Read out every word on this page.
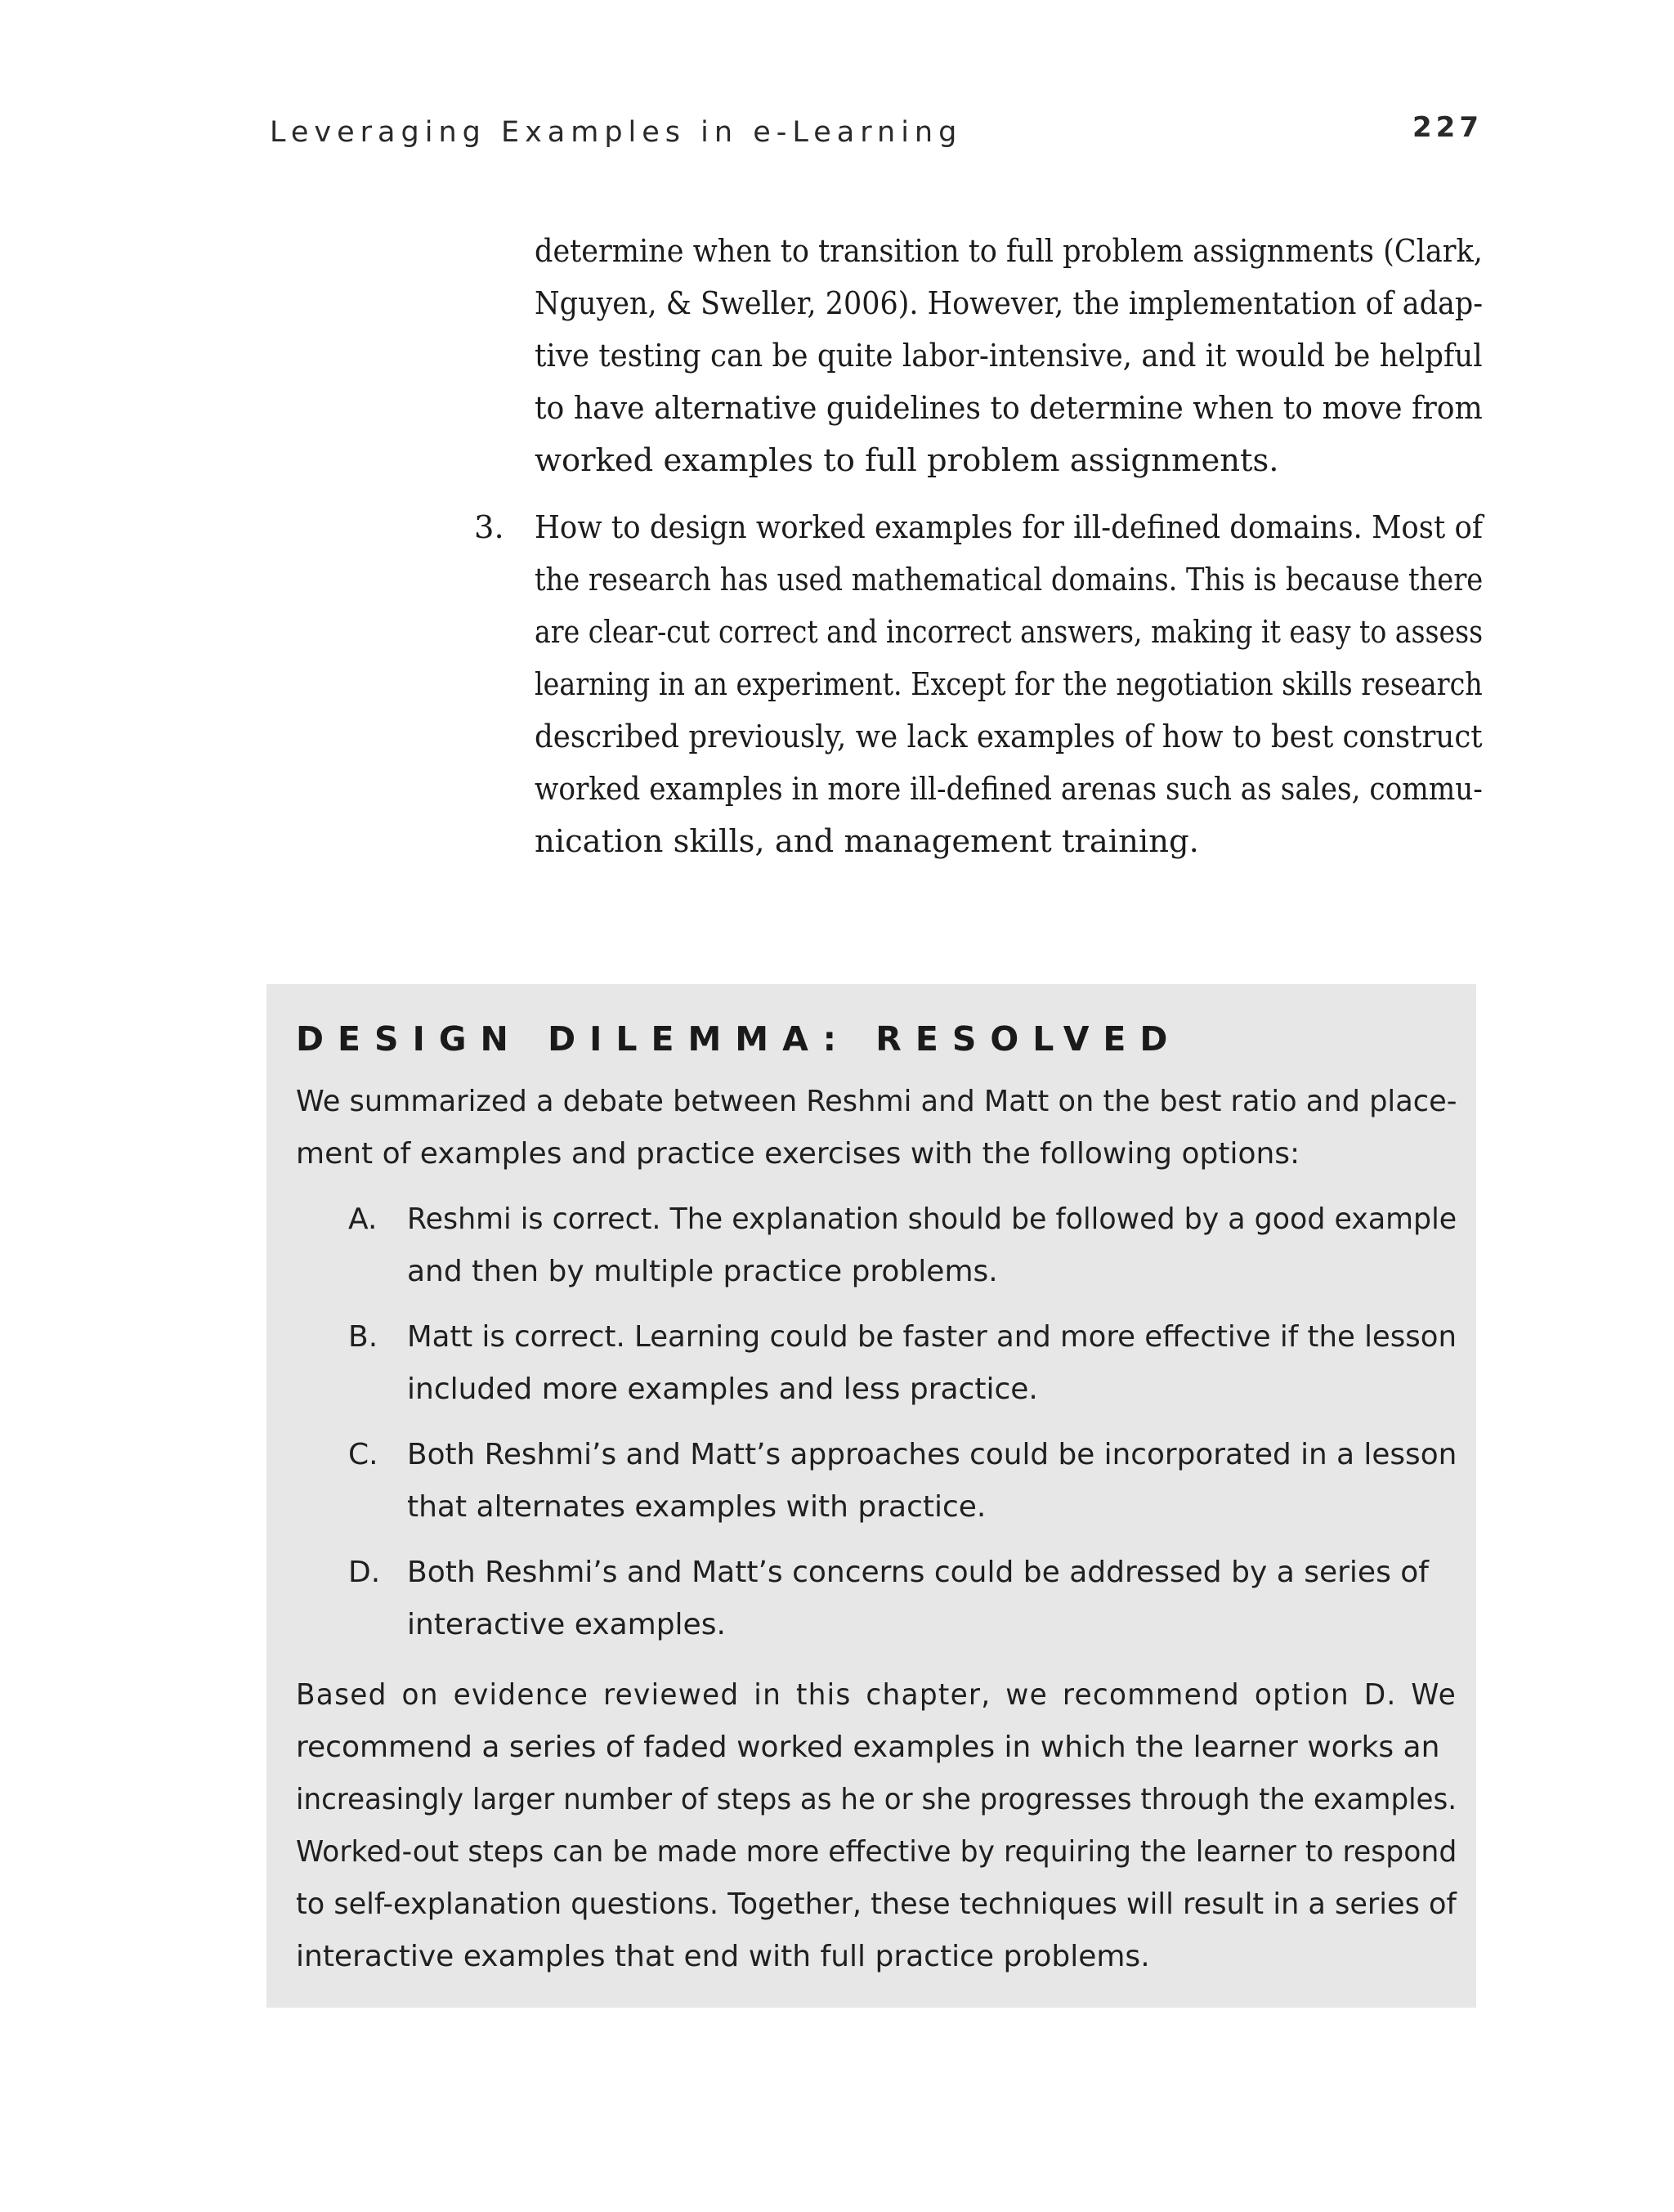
Leveraging Examples in e-Learning	227
determine when to transition to full problem assignments (Clark,
Nguyen, & Sweller, 2006). However, the implementation of adap-
tive testing can be quite labor-intensive, and it would be helpful
to have alternative guidelines to determine when to move from
worked examples to full problem assignments.
3. How to design worked examples for ill-defined domains. Most of
the research has used mathematical domains. This is because there
are clear-cut correct and incorrect answers, making it easy to assess
learning in an experiment. Except for the negotiation skills research
described previously, we lack examples of how to best construct
worked examples in more ill-defined arenas such as sales, commu-
nication skills, and management training.
DESIGN DILEMMA: RESOLVED
We summarized a debate between Reshmi and Matt on the best ratio and place-
ment of examples and practice exercises with the following options:
A. Reshmi is correct. The explanation should be followed by a good example
and then by multiple practice problems.
B. Matt is correct. Learning could be faster and more effective if the lesson
included more examples and less practice.
C. Both Reshmi’s and Matt’s approaches could be incorporated in a lesson
that alternates examples with practice.
D. Both Reshmi’s and Matt’s concerns could be addressed by a series of
interactive examples.
Based on evidence reviewed in this chapter, we recommend option D. We
recommend a series of faded worked examples in which the learner works an
increasingly larger number of steps as he or she progresses through the examples.
Worked-out steps can be made more effective by requiring the learner to respond
to self-explanation questions. Together, these techniques will result in a series of
interactive examples that end with full practice problems.
